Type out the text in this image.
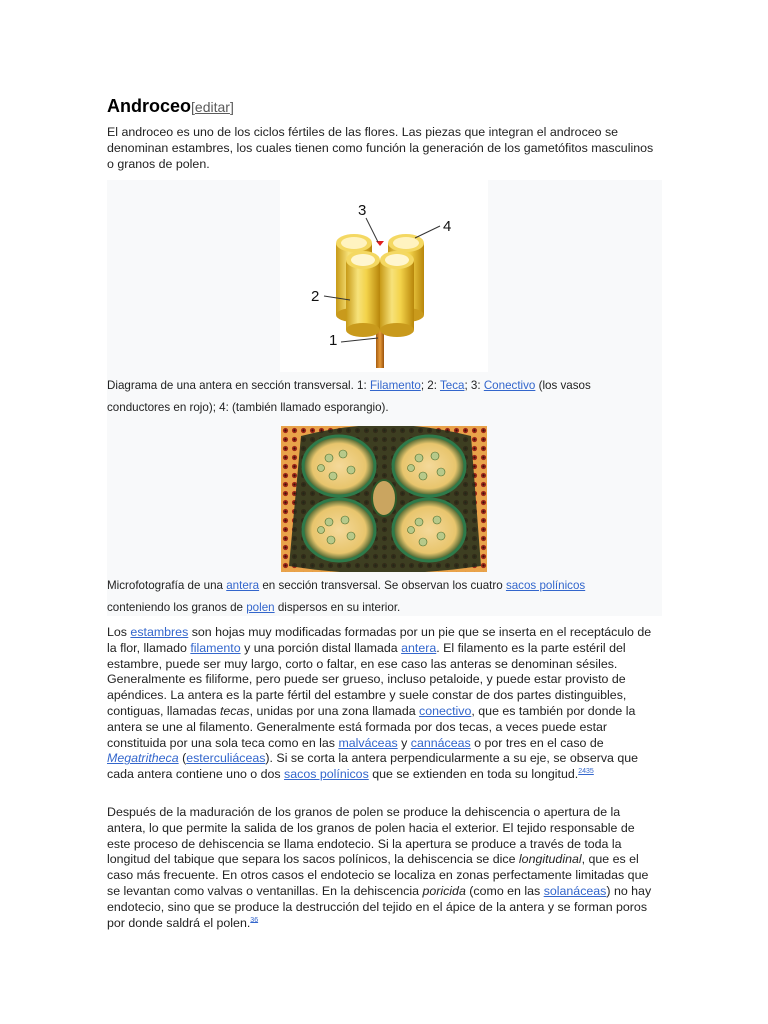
Androceo[editar]

El androceo es uno de los ciclos fértiles de las flores. Las piezas que integran el androceo se denominan estambres, los cuales tienen como función la generación de los gametófitos masculinos o granos de polen.

1
2
3
4
Diagrama de una antera en sección transversal. 1: Filamento; 2: Teca; 3: Conectivo (los vasos conductores en rojo); 4: (también llamado esporangio).
Microfotografía de una antera en sección transversal. Se observan los cuatro sacos polínicos conteniendo los granos de polen dispersos en su interior.

Los estambres son hojas muy modificadas formadas por un pie que se inserta en el receptáculo de la flor, llamado filamento y una porción distal llamada antera. El filamento es la parte estéril del estambre, puede ser muy largo, corto o faltar, en ese caso las anteras se denominan sésiles. Generalmente es filiforme, pero puede ser grueso, incluso petaloide, y puede estar provisto de apéndices. La antera es la parte fértil del estambre y suele constar de dos partes distinguibles, contiguas, llamadas tecas, unidas por una zona llamada conectivo, que es también por donde la antera se une al filamento. Generalmente está formada por dos tecas, a veces puede estar constituida por una sola teca como en las malváceas y cannáceas o por tres en el caso de Megatritheca (esterculiáceas). Si se corta la antera perpendicularmente a su eje, se observa que cada antera contiene uno o dos sacos polínicos que se extienden en toda su longitud.$^{2435}$

Después de la maduración de los granos de polen se produce la dehiscencia o apertura de la antera, lo que permite la salida de los granos de polen hacia el exterior. El tejido responsable de este proceso de dehiscencia se llama endotecio. Si la apertura se produce a través de toda la longitud del tabique que separa los sacos polínicos, la dehiscencia se dice longitudinal, que es el caso más frecuente. En otros casos el endotecio se localiza en zonas perfectamente limitadas que se levantan como valvas o ventanillas. En la dehiscencia poricida (como en las solanáceas) no hay endotecio, sino que se produce la destrucción del tejido en el ápice de la antera y se forman poros por donde saldrá el polen.$^{36}$
